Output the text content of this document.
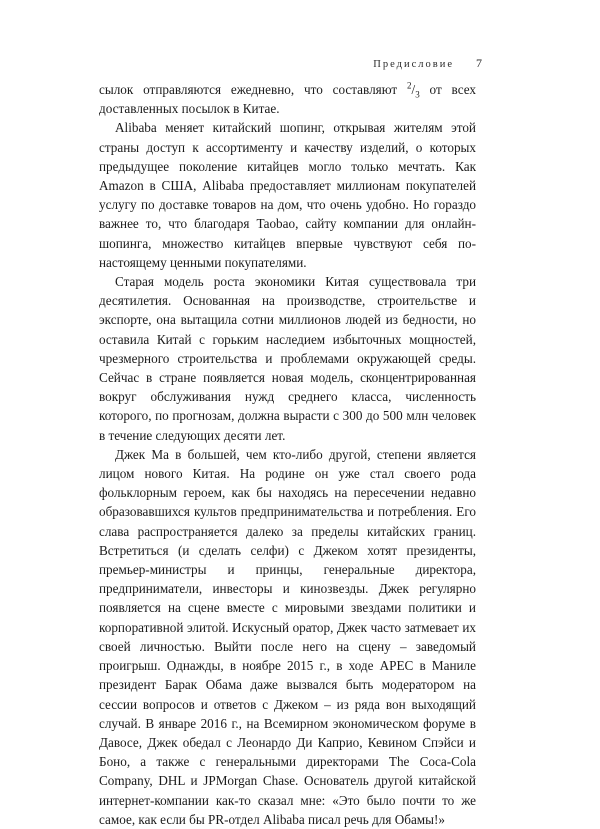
Предисловие 7

сылок отправляются ежедневно, что составляют $^2/_3$ от всех доставленных посылок в Китае.

Alibaba меняет китайский шопинг, открывая жителям этой страны доступ к ассортименту и качеству изделий, о которых предыдущее поколение китайцев могло только мечтать. Как Amazon в США, Alibaba предоставляет миллионам покупателей услугу по доставке товаров на дом, что очень удобно. Но гораздо важнее то, что благодаря Taobao, сайту компании для онлайн-шопинга, множество китайцев впервые чувствуют себя по-настоящему ценными покупателями.

Старая модель роста экономики Китая существовала три десятилетия. Основанная на производстве, строительстве и экспорте, она вытащила сотни миллионов людей из бедности, но оставила Китай с горьким наследием избыточных мощностей, чрезмерного строительства и проблемами окружающей среды. Сейчас в стране появляется новая модель, сконцентрированная вокруг обслуживания нужд среднего класса, численность которого, по прогнозам, должна вырасти с 300 до 500 млн человек в течение следующих десяти лет.

Джек Ма в большей, чем кто-либо другой, степени является лицом нового Китая. На родине он уже стал своего рода фольклорным героем, как бы находясь на пересечении недавно образовавшихся культов предпринимательства и потребления. Его слава распространяется далеко за пределы китайских границ. Встретиться (и сделать селфи) с Джеком хотят президенты, премьер-министры и принцы, генеральные директора, предприниматели, инвесторы и кинозвезды. Джек регулярно появляется на сцене вместе с мировыми звездами политики и корпоративной элитой. Искусный оратор, Джек часто затмевает их своей личностью. Выйти после него на сцену – заведомый проигрыш. Однажды, в ноябре 2015 г., в ходе АРЕС в Маниле президент Барак Обама даже вызвался быть модератором на сессии вопросов и ответов с Джеком – из ряда вон выходящий случай. В январе 2016 г., на Всемирном экономическом форуме в Давосе, Джек обедал с Леонардо Ди Каприо, Кевином Спэйси и Боно, а также с генеральными директорами The Coca-Cola Company, DHL и JPMorgan Chase. Основатель другой китайской интернет-компании как-то сказал мне: «Это было почти то же самое, как если бы PR-отдел Alibaba писал речь для Обамы!»
